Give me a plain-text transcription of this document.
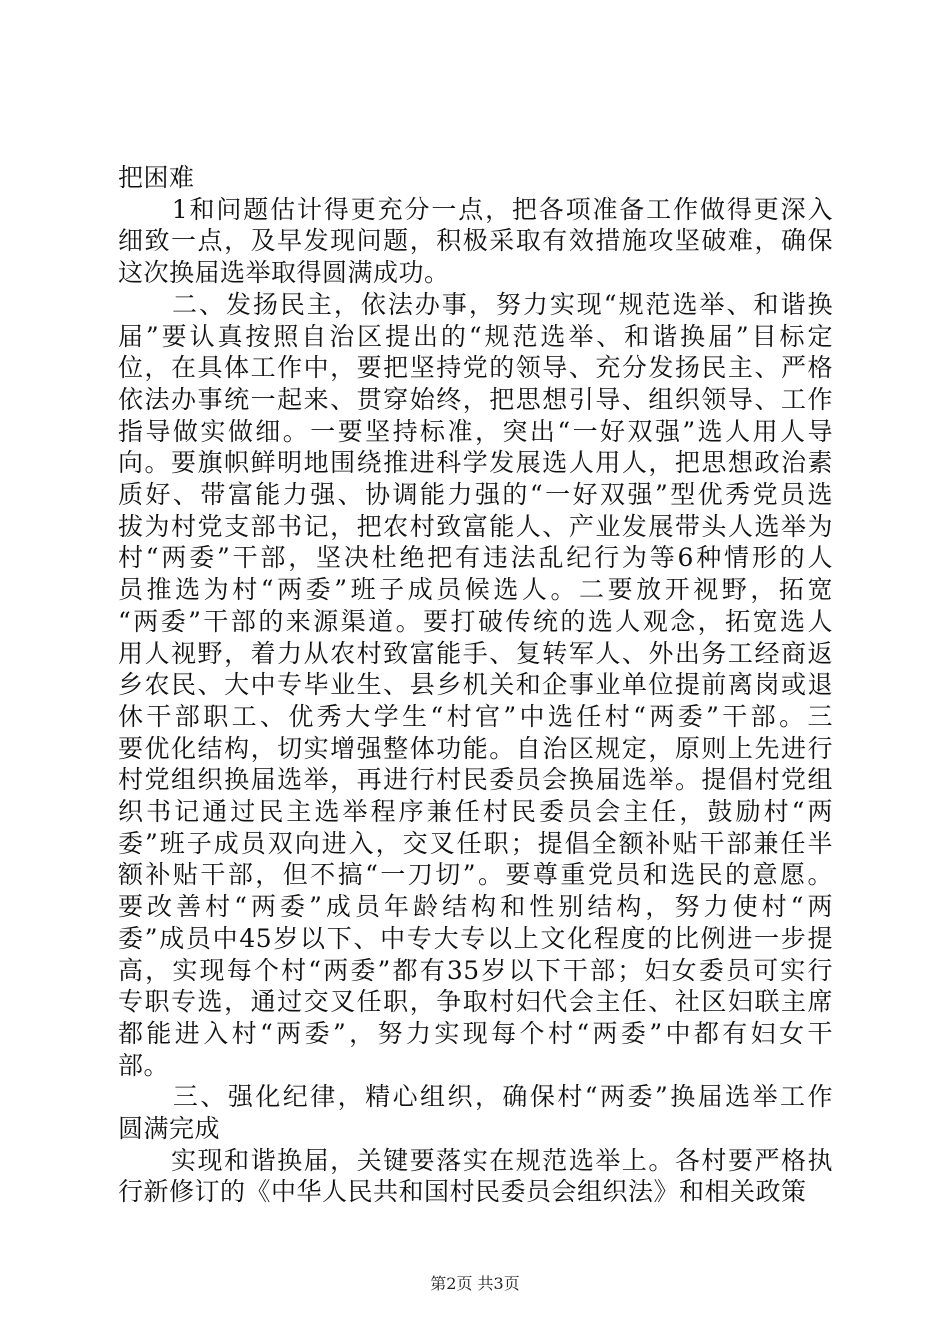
把困难
　　1和问题估计得更充分一点，把各项准备工作做得更深入
细致一点，及早发现问题，积极采取有效措施攻坚破难，确保
这次换届选举取得圆满成功。
　　二、发扬民主，依法办事，努力实现“规范选举、和谐换
届”要认真按照自治区提出的“规范选举、和谐换届”目标定
位，在具体工作中，要把坚持党的领导、充分发扬民主、严格
依法办事统一起来、贯穿始终，把思想引导、组织领导、工作
指导做实做细。一要坚持标准，突出“一好双强”选人用人导
向。要旗帜鲜明地围绕推进科学发展选人用人，把思想政治素
质好、带富能力强、协调能力强的“一好双强”型优秀党员选
拔为村党支部书记，把农村致富能人、产业发展带头人选举为
村“两委”干部，坚决杜绝把有违法乱纪行为等6种情形的人
员推选为村“两委”班子成员候选人。二要放开视野，拓宽
“两委”干部的来源渠道。要打破传统的选人观念，拓宽选人
用人视野，着力从农村致富能手、复转军人、外出务工经商返
乡农民、大中专毕业生、县乡机关和企事业单位提前离岗或退
休干部职工、优秀大学生“村官”中选任村“两委”干部。三
要优化结构，切实增强整体功能。自治区规定，原则上先进行
村党组织换届选举，再进行村民委员会换届选举。提倡村党组
织书记通过民主选举程序兼任村民委员会主任，鼓励村“两
委”班子成员双向进入，交叉任职；提倡全额补贴干部兼任半
额补贴干部，但不搞“一刀切”。要尊重党员和选民的意愿。
要改善村“两委”成员年龄结构和性别结构，努力使村“两
委”成员中45岁以下、中专大专以上文化程度的比例进一步提
高，实现每个村“两委”都有35岁以下干部；妇女委员可实行
专职专选，通过交叉任职，争取村妇代会主任、社区妇联主席
都能进入村“两委”，努力实现每个村“两委”中都有妇女干
部。
　　三、强化纪律，精心组织，确保村“两委”换届选举工作
圆满完成
　　实现和谐换届，关键要落实在规范选举上。各村要严格执
行新修订的《中华人民共和国村民委员会组织法》和相关政策
第2页 共3页
